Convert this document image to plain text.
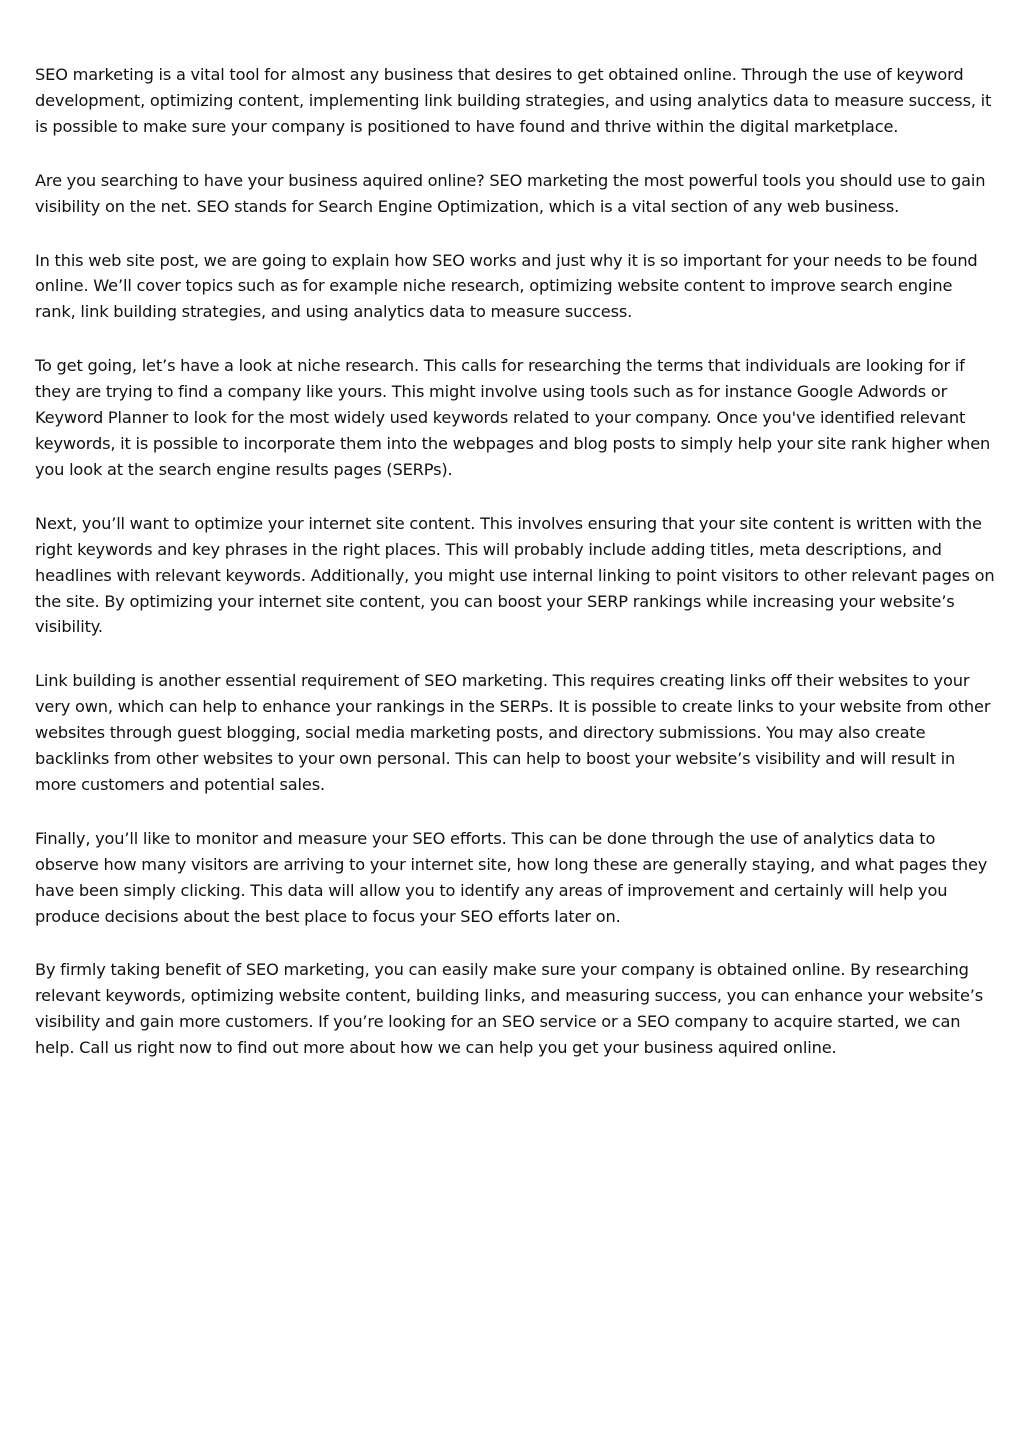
SEO marketing is a vital tool for almost any business that desires to get obtained online. Through the use of keyword development, optimizing content, implementing link building strategies, and using analytics data to measure success, it is possible to make sure your company is positioned to have found and thrive within the digital marketplace.

Are you searching to have your business aquired online? SEO marketing the most powerful tools you should use to gain visibility on the net. SEO stands for Search Engine Optimization, which is a vital section of any web business.

In this web site post, we are going to explain how SEO works and just why it is so important for your needs to be found online. We’ll cover topics such as for example niche research, optimizing website content to improve search engine rank, link building strategies, and using analytics data to measure success.

To get going, let’s have a look at niche research. This calls for researching the terms that individuals are looking for if they are trying to find a company like yours. This might involve using tools such as for instance Google Adwords or Keyword Planner to look for the most widely used keywords related to your company. Once you've identified relevant keywords, it is possible to incorporate them into the webpages and blog posts to simply help your site rank higher when you look at the search engine results pages (SERPs).

Next, you’ll want to optimize your internet site content. This involves ensuring that your site content is written with the right keywords and key phrases in the right places. This will probably include adding titles, meta descriptions, and headlines with relevant keywords. Additionally, you might use internal linking to point visitors to other relevant pages on the site. By optimizing your internet site content, you can boost your SERP rankings while increasing your website’s visibility.

Link building is another essential requirement of SEO marketing. This requires creating links off their websites to your very own, which can help to enhance your rankings in the SERPs. It is possible to create links to your website from other websites through guest blogging, social media marketing posts, and directory submissions. You may also create backlinks from other websites to your own personal. This can help to boost your website’s visibility and will result in more customers and potential sales.

Finally, you’ll like to monitor and measure your SEO efforts. This can be done through the use of analytics data to observe how many visitors are arriving to your internet site, how long these are generally staying, and what pages they have been simply clicking. This data will allow you to identify any areas of improvement and certainly will help you produce decisions about the best place to focus your SEO efforts later on.

By firmly taking benefit of SEO marketing, you can easily make sure your company is obtained online. By researching relevant keywords, optimizing website content, building links, and measuring success, you can enhance your website’s visibility and gain more customers. If you’re looking for an SEO service or a SEO company to acquire started, we can help. Call us right now to find out more about how we can help you get your business aquired online.
